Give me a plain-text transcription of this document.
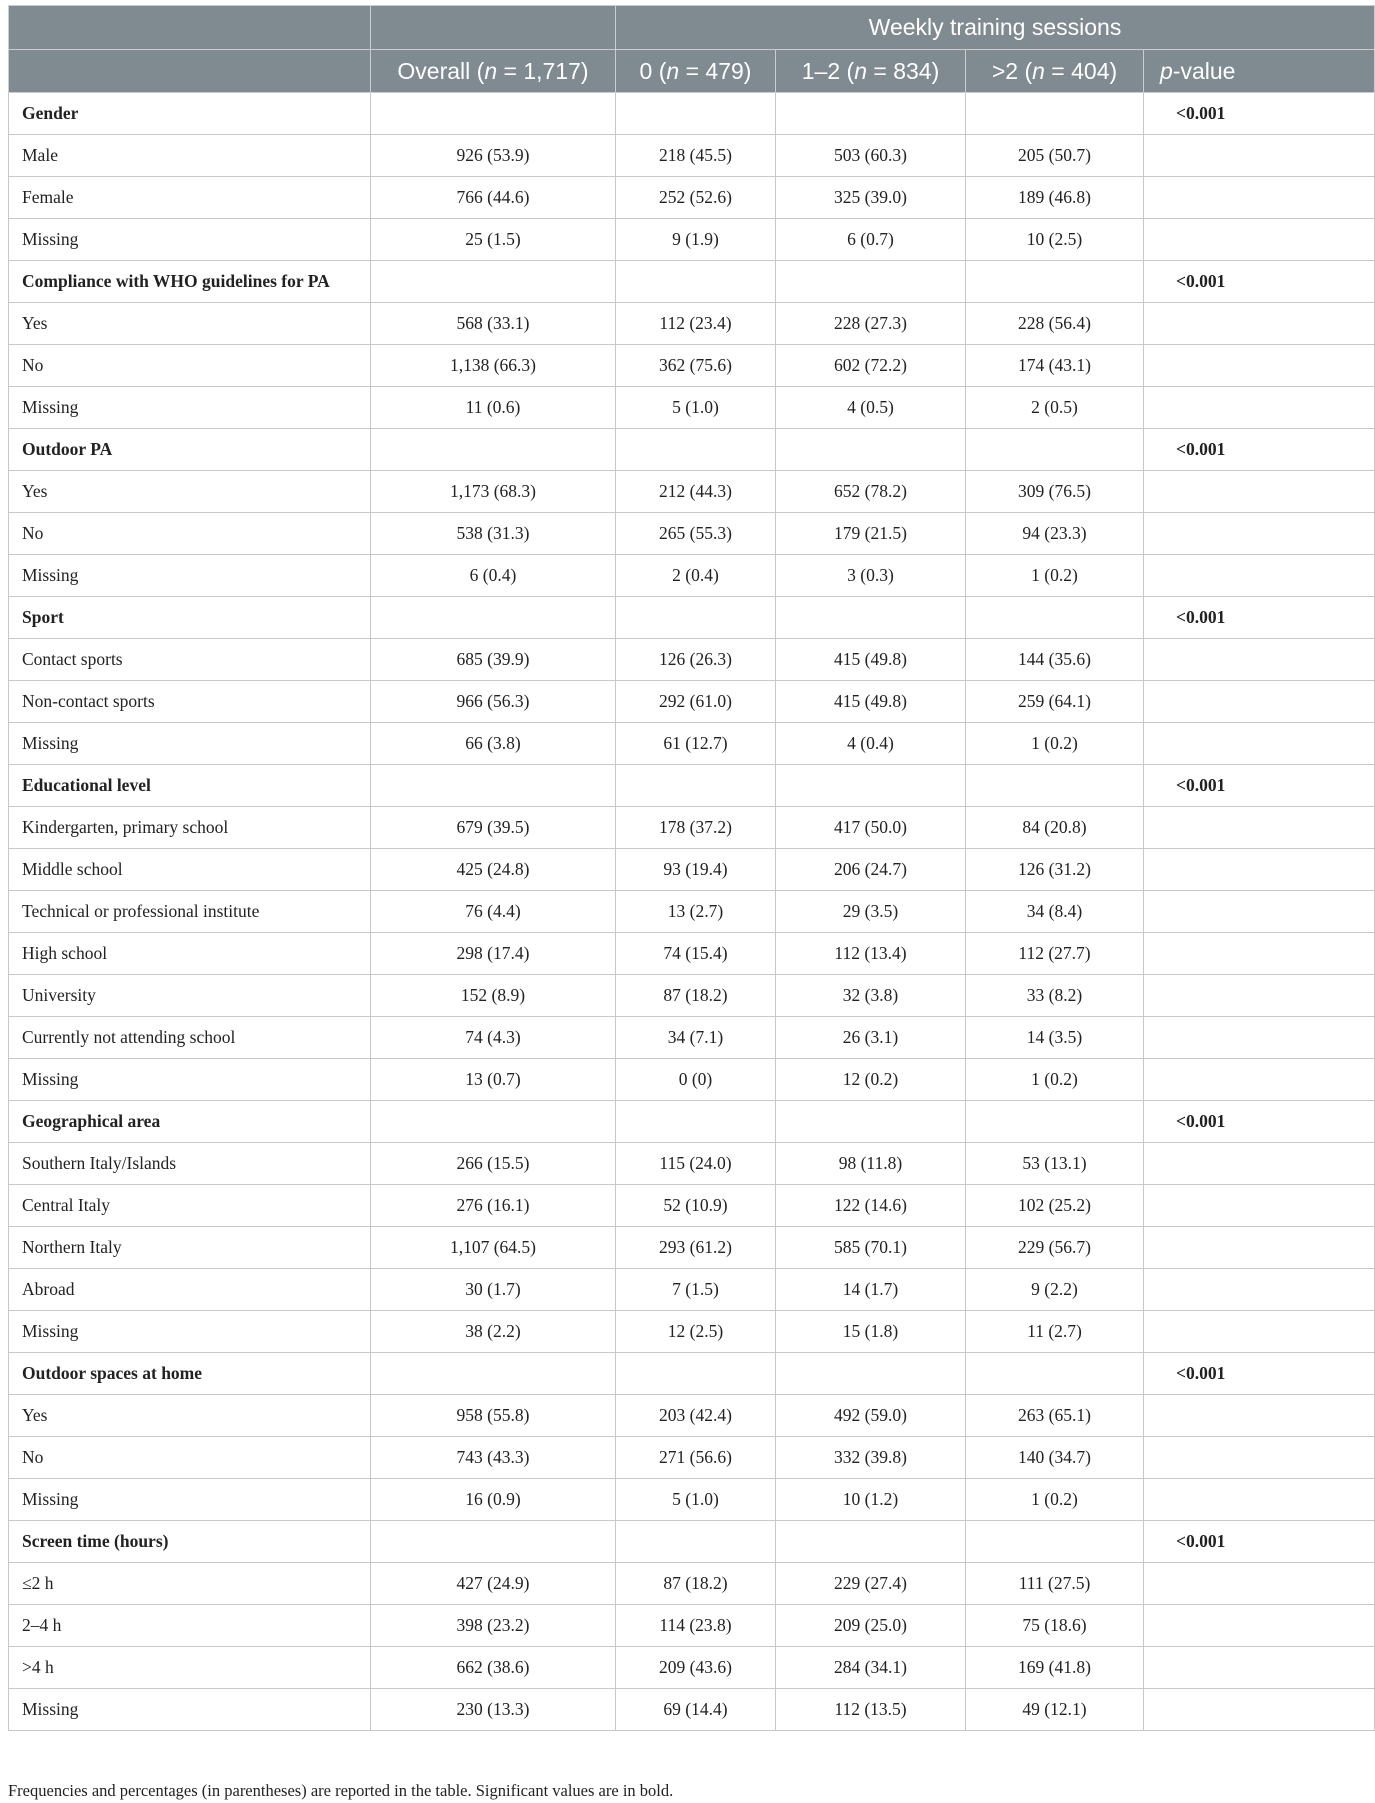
		Weekly training sessions			
	Overall (n = 1,717)	0 (n = 479)	1–2 (n = 834)	>2 (n = 404)	p-value
Gender					<0.001
Male	926 (53.9)	218 (45.5)	503 (60.3)	205 (50.7)	
Female	766 (44.6)	252 (52.6)	325 (39.0)	189 (46.8)	
Missing	25 (1.5)	9 (1.9)	6 (0.7)	10 (2.5)	
Compliance with WHO guidelines for PA					<0.001
Yes	568 (33.1)	112 (23.4)	228 (27.3)	228 (56.4)	
No	1,138 (66.3)	362 (75.6)	602 (72.2)	174 (43.1)	
Missing	11 (0.6)	5 (1.0)	4 (0.5)	2 (0.5)	
Outdoor PA					<0.001
Yes	1,173 (68.3)	212 (44.3)	652 (78.2)	309 (76.5)	
No	538 (31.3)	265 (55.3)	179 (21.5)	94 (23.3)	
Missing	6 (0.4)	2 (0.4)	3 (0.3)	1 (0.2)	
Sport					<0.001
Contact sports	685 (39.9)	126 (26.3)	415 (49.8)	144 (35.6)	
Non-contact sports	966 (56.3)	292 (61.0)	415 (49.8)	259 (64.1)	
Missing	66 (3.8)	61 (12.7)	4 (0.4)	1 (0.2)	
Educational level					<0.001
Kindergarten, primary school	679 (39.5)	178 (37.2)	417 (50.0)	84 (20.8)	
Middle school	425 (24.8)	93 (19.4)	206 (24.7)	126 (31.2)	
Technical or professional institute	76 (4.4)	13 (2.7)	29 (3.5)	34 (8.4)	
High school	298 (17.4)	74 (15.4)	112 (13.4)	112 (27.7)	
University	152 (8.9)	87 (18.2)	32 (3.8)	33 (8.2)	
Currently not attending school	74 (4.3)	34 (7.1)	26 (3.1)	14 (3.5)	
Missing	13 (0.7)	0 (0)	12 (0.2)	1 (0.2)	
Geographical area					<0.001
Southern Italy/Islands	266 (15.5)	115 (24.0)	98 (11.8)	53 (13.1)	
Central Italy	276 (16.1)	52 (10.9)	122 (14.6)	102 (25.2)	
Northern Italy	1,107 (64.5)	293 (61.2)	585 (70.1)	229 (56.7)	
Abroad	30 (1.7)	7 (1.5)	14 (1.7)	9 (2.2)	
Missing	38 (2.2)	12 (2.5)	15 (1.8)	11 (2.7)	
Outdoor spaces at home					<0.001
Yes	958 (55.8)	203 (42.4)	492 (59.0)	263 (65.1)	
No	743 (43.3)	271 (56.6)	332 (39.8)	140 (34.7)	
Missing	16 (0.9)	5 (1.0)	10 (1.2)	1 (0.2)	
Screen time (hours)					<0.001
≤2 h	427 (24.9)	87 (18.2)	229 (27.4)	111 (27.5)	
2–4 h	398 (23.2)	114 (23.8)	209 (25.0)	75 (18.6)	
>4 h	662 (38.6)	209 (43.6)	284 (34.1)	169 (41.8)	
Missing	230 (13.3)	69 (14.4)	112 (13.5)	49 (12.1)	
Frequencies and percentages (in parentheses) are reported in the table. Significant values are in bold.
